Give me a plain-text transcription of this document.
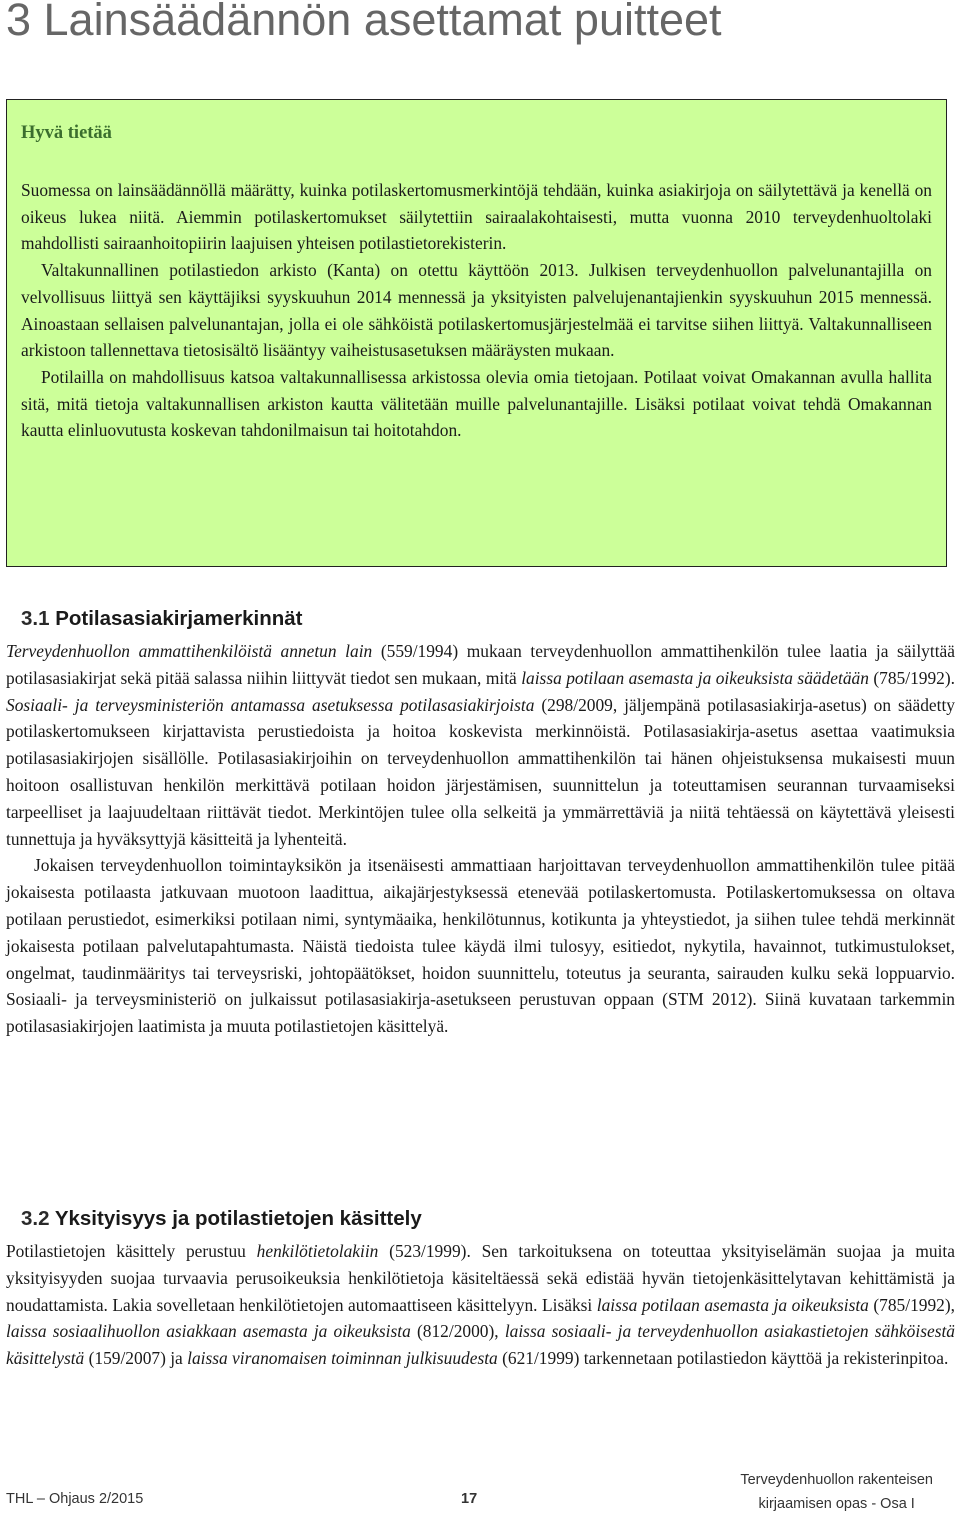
3 Lainsäädännön asettamat puitteet
Hyvä tietää

Suomessa on lainsäädännöllä määrätty, kuinka potilaskertomusmerkintöjä tehdään, kuinka asiakirjoja on säilytettävä ja kenellä on oikeus lukea niitä. Aiemmin potilaskertomukset säilytettiin sairaalakohtaisesti, mutta vuonna 2010 terveydenhuoltolaki mahdollisti sairaanhoitopiirin laajuisen yhteisen potilastietorekisterin.

Valtakunnallinen potilastiedon arkisto (Kanta) on otettu käyttöön 2013. Julkisen terveydenhuollon palvelunantajilla on velvollisuus liittyä sen käyttäjiksi syyskuuhun 2014 mennessä ja yksityisten palvelujenantajienkin syyskuuhun 2015 mennessä. Ainoastaan sellaisen palvelunantajan, jolla ei ole sähköistä potilaskertomusjärjestelmää ei tarvitse siihen liittyä. Valtakunnalliseen arkistoon tallennettava tietosisältö lisääntyy vaiheistusasetuksen määräysten mukaan.

Potilailla on mahdollisuus katsoa valtakunnallisessa arkistossa olevia omia tietojaan. Potilaat voivat Omakannan avulla hallita sitä, mitä tietoja valtakunnallisen arkiston kautta välitetään muille palvelunantajille. Lisäksi potilaat voivat tehdä Omakannan kautta elinluovutusta koskevan tahdonilmaisun tai hoitotahdon.

3.1 Potilasasiakirjamerkinnät

Terveydenhuollon ammattihenkilöistä annetun lain (559/1994) mukaan terveydenhuollon ammattihenkilön tulee laatia ja säilyttää potilasasiakirjat sekä pitää salassa niihin liittyvät tiedot sen mukaan, mitä laissa potilaan asemasta ja oikeuksista säädetään (785/1992). Sosiaali- ja terveysministeriön antamassa asetuksessa potilasasiakirjoista (298/2009, jäljempänä potilasasiakirja-asetus) on säädetty potilaskertomukseen kirjattavista perustiedoista ja hoitoa koskevista merkinnöistä. Potilasasiakirja-asetus asettaa vaatimuksia potilasasiakirjojen sisällölle. Potilasasiakirjoihin on terveydenhuollon ammattihenkilön tai hänen ohjeistuksensa mukaisesti muun hoitoon osallistuvan henkilön merkittävä potilaan hoidon järjestämisen, suunnittelun ja toteuttamisen seurannan turvaamiseksi tarpeelliset ja laajuudeltaan riittävät tiedot. Merkintöjen tulee olla selkeitä ja ymmärrettäviä ja niitä tehtäessä on käytettävä yleisesti tunnettuja ja hyväksyttyjä käsitteitä ja lyhenteitä.

Jokaisen terveydenhuollon toimintayksikön ja itsenäisesti ammattiaan harjoittavan terveydenhuollon ammattihenkilön tulee pitää jokaisesta potilaasta jatkuvaan muotoon laadittua, aikajärjestyksessä etenevää potilaskertomusta. Potilaskertomuksessa on oltava potilaan perustiedot, esimerkiksi potilaan nimi, syntymäaika, henkilötunnus, kotikunta ja yhteystiedot, ja siihen tulee tehdä merkinnät jokaisesta potilaan palvelutapahtumasta. Näistä tiedoista tulee käydä ilmi tulosyy, esitiedot, nykytila, havainnot, tutkimustulokset, ongelmat, taudinmääritys tai terveysriski, johtopäätökset, hoidon suunnittelu, toteutus ja seuranta, sairauden kulku sekä loppuarvio. Sosiaali- ja terveysministeriö on julkaissut potilasasiakirja-asetukseen perustuvan oppaan (STM 2012). Siinä kuvataan tarkemmin potilasasiakirjojen laatimista ja muuta potilastietojen käsittelyä.

3.2 Yksityisyys ja potilastietojen käsittely

Potilastietojen käsittely perustuu henkilötietolakiin (523/1999). Sen tarkoituksena on toteuttaa yksityiselämän suojaa ja muita yksityisyyden suojaa turvaavia perusoikeuksia henkilötietoja käsiteltäessä sekä edistää hyvän tietojenkäsittelytavan kehittämistä ja noudattamista. Lakia sovelletaan henkilötietojen automaattiseen käsittelyyn. Lisäksi laissa potilaan asemasta ja oikeuksista (785/1992), laissa sosiaalihuollon asiakkaan asemasta ja oikeuksista (812/2000), laissa sosiaali- ja terveydenhuollon asiakastietojen sähköisestä käsittelystä (159/2007) ja laissa viranomaisen toiminnan julkisuudesta (621/1999) tarkennetaan potilastiedon käyttöä ja rekisterinpitoa.

THL – Ohjaus 2/2015	17
Terveydenhuollon rakenteisen
kirjaamisen opas - Osa I
